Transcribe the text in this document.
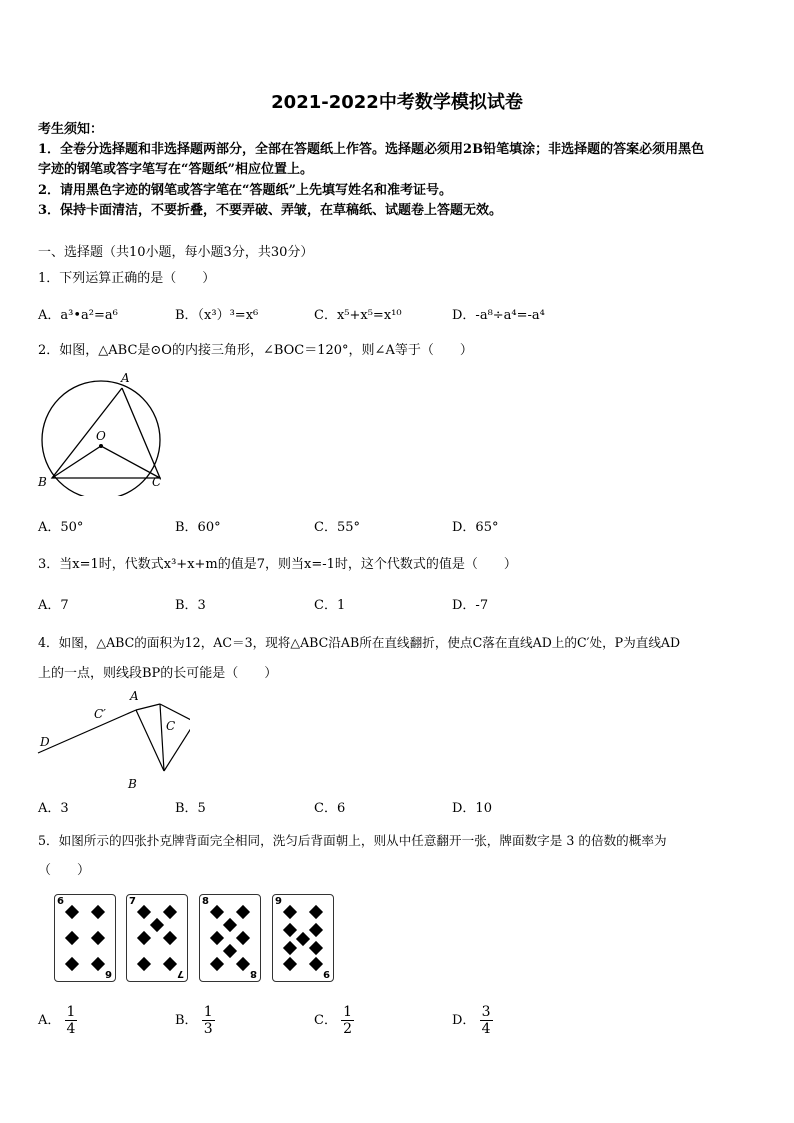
2021-2022中考数学模拟试卷
考生须知：
1．全卷分选择题和非选择题两部分，全部在答题纸上作答。选择题必须用2B铅笔填涂；非选择题的答案必须用黑色
字迹的钢笔或答字笔写在“答题纸”相应位置上。
2．请用黑色字迹的钢笔或答字笔在“答题纸”上先填写姓名和准考证号。
3．保持卡面清洁，不要折叠，不要弄破、弄皱，在草稿纸、试题卷上答题无效。
一、选择题（共10小题，每小题3分，共30分）
1．下列运算正确的是（　　）
A．a³•a²=a⁶	B．（x³）³=x⁶	C．x⁵+x⁵=x¹⁰	D．-a⁸÷a⁴=-a⁴
2．如图，△ABC是⊙O的内接三角形，∠BOC＝120°，则∠A等于（　　）
A
O
B	C
A．50°	B．60°	C．55°	D．65°
3．当x=1时，代数式x³+x+m的值是7，则当x=-1时，这个代数式的值是（　　）
A．7	B．3	C．1	D．-7
4．如图，△ABC的面积为12，AC＝3，现将△ABC沿AB所在直线翻折，使点C落在直线AD上的C′处，P为直线AD
上的一点，则线段BP的长可能是（　　）
A
C′
C
B
D
A．3	B．5	C．6	D．10
5．如图所示的四张扑克牌背面完全相同，洗匀后背面朝上，则从中任意翻开一张，牌面数字是 3 的倍数的概率为
（　　）
6
6
7
7
8
8
9
9
A． $\frac{1}{4}$	B． $\frac{1}{3}$	C． $\frac{1}{2}$	D． $\frac{3}{4}$
